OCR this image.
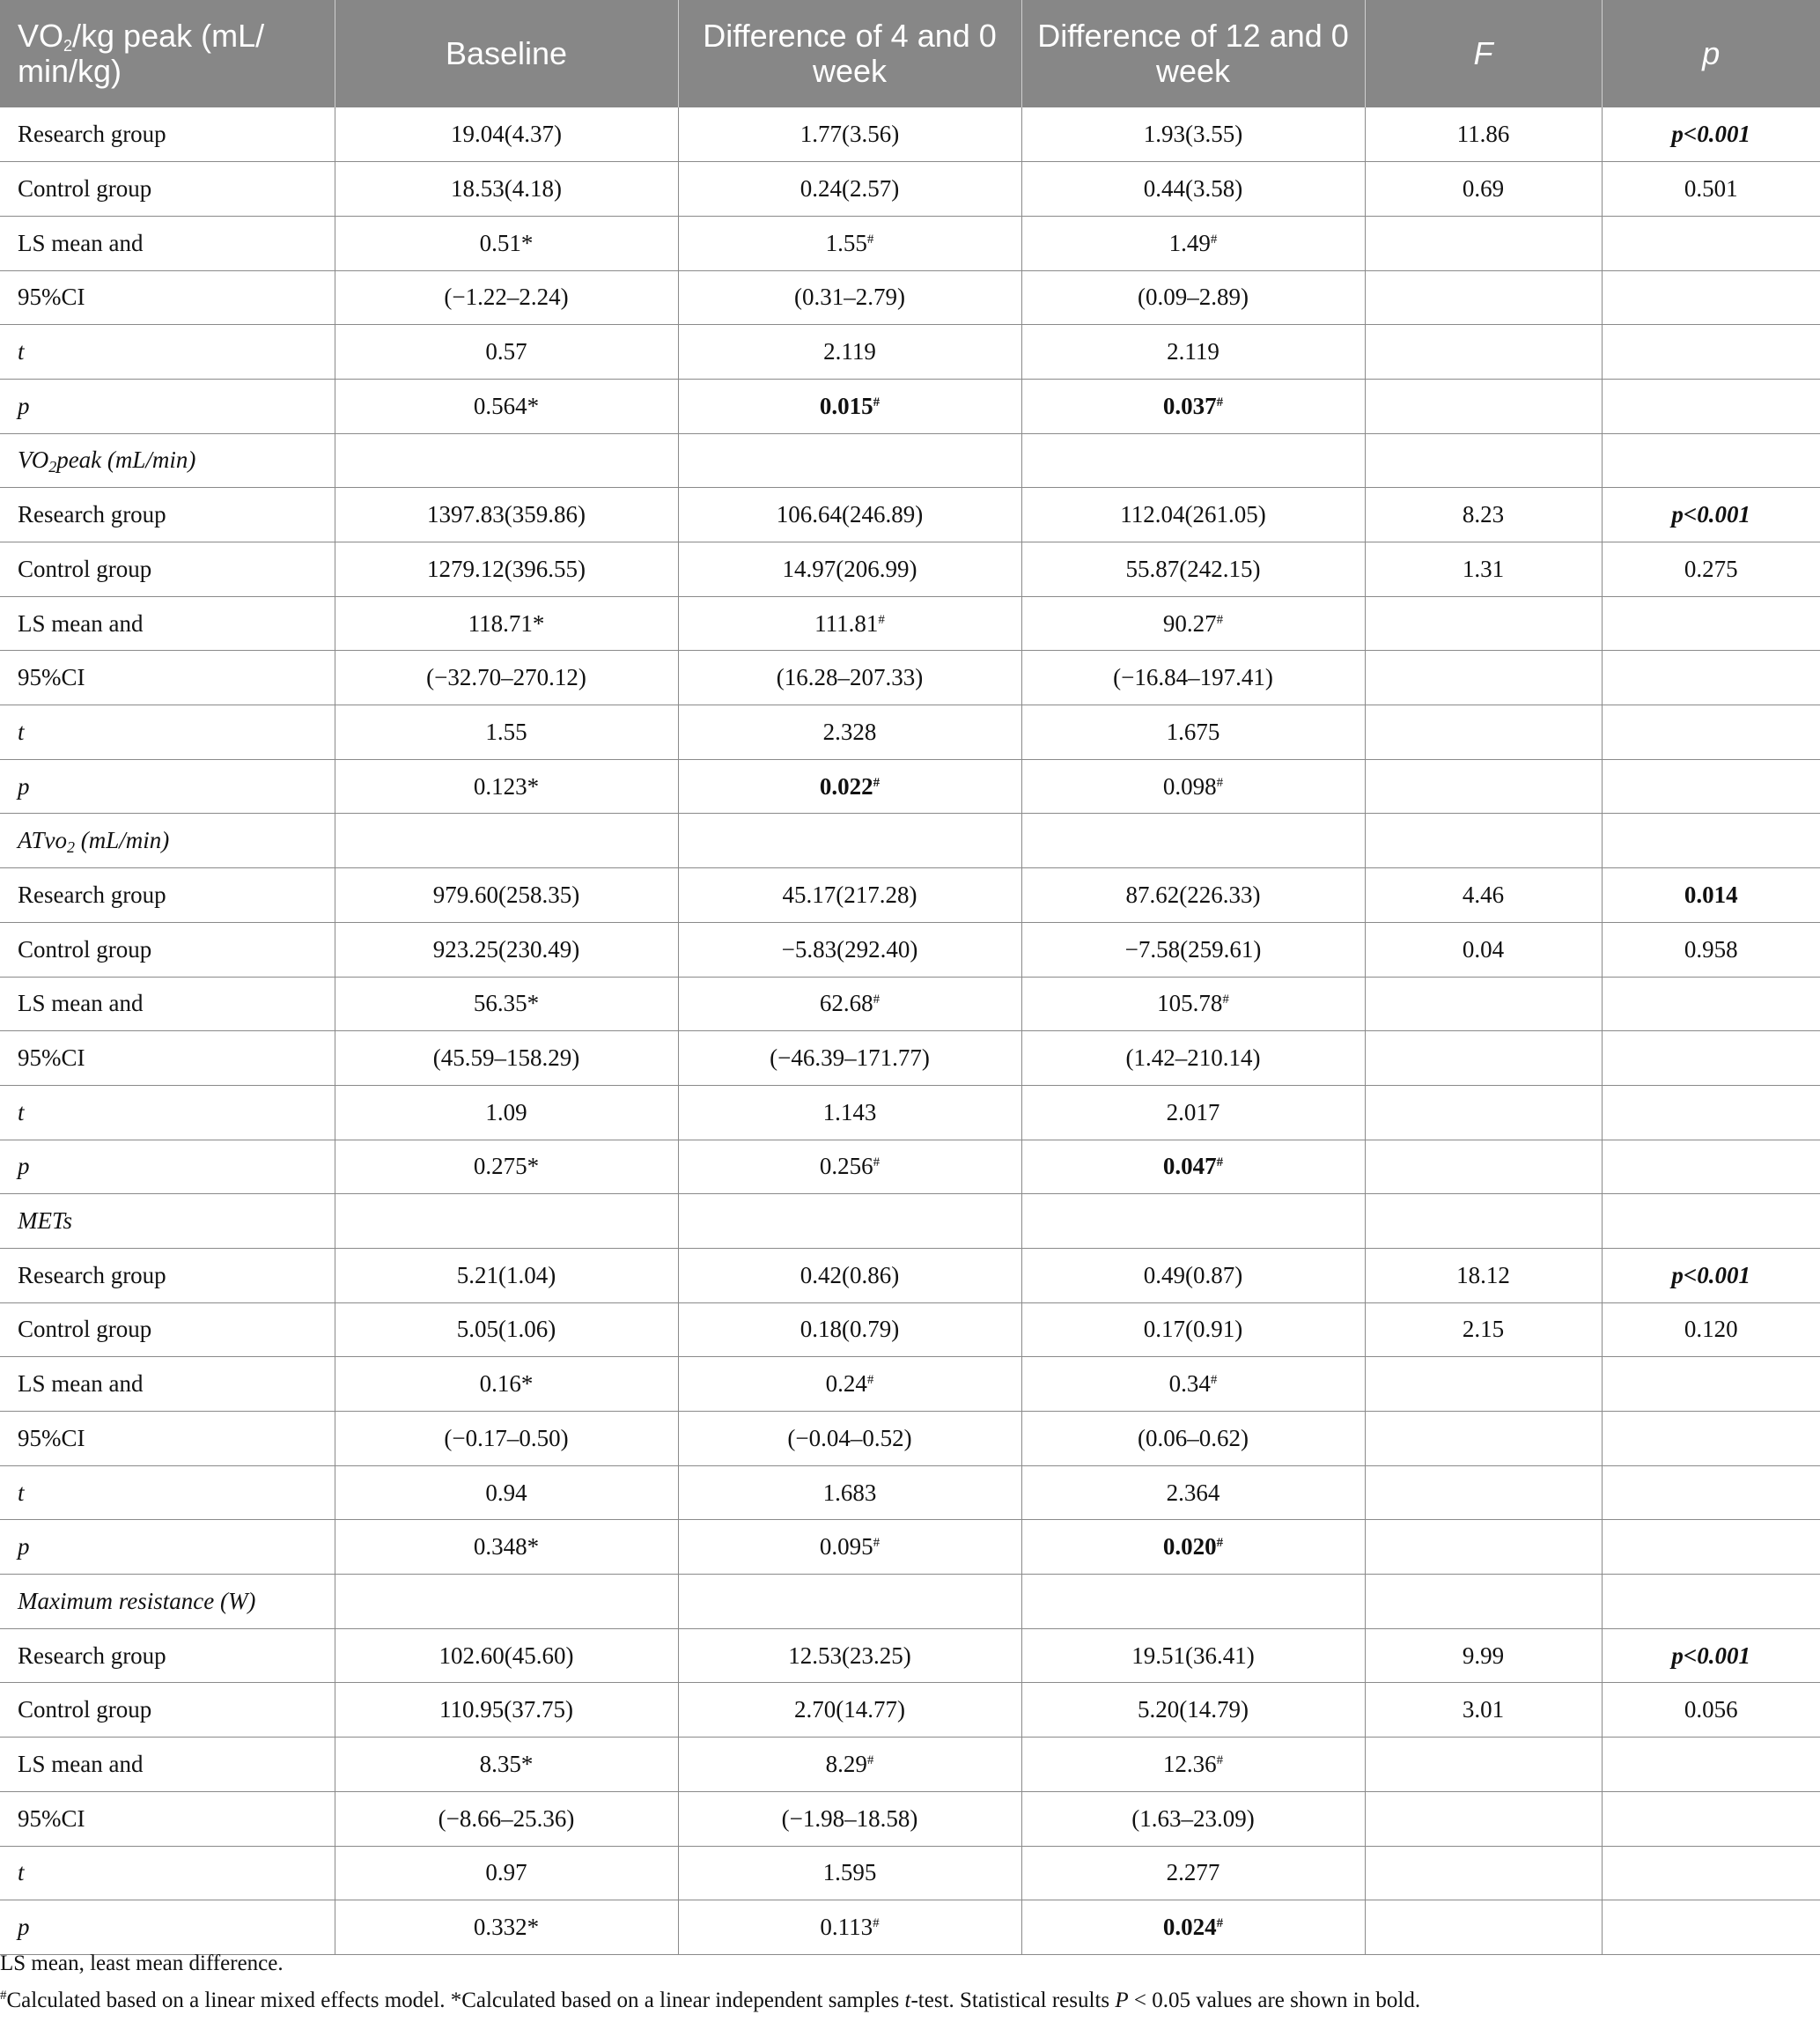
$VO_2/kg$ peak (mL/ min/kg)	Baseline	Difference of 4 and 0 week	Difference of 12 and 0 week	F	p
Research group	19.04(4.37)	1.77(3.56)	1.93(3.55)	11.86	p<0.001
Control group	18.53(4.18)	0.24(2.57)	0.44(3.58)	0.69	0.501
LS mean and	0.51*	1.55#	1.49#		
95%CI	(−1.22–2.24)	(0.31–2.79)	(0.09–2.89)		
t	0.57	2.119	2.119		
p	0.564*	0.015#	0.037#		
$VO_2peak$ (mL/min)					
Research group	1397.83(359.86)	106.64(246.89)	112.04(261.05)	8.23	p<0.001
Control group	1279.12(396.55)	14.97(206.99)	55.87(242.15)	1.31	0.275
LS mean and	118.71*	111.81#	90.27#		
95%CI	(−32.70–270.12)	(16.28–207.33)	(−16.84–197.41)		
t	1.55	2.328	1.675		
p	0.123*	0.022#	0.098#		
ATvo$_2$ (mL/min)					
Research group	979.60(258.35)	45.17(217.28)	87.62(226.33)	4.46	0.014
Control group	923.25(230.49)	−5.83(292.40)	−7.58(259.61)	0.04	0.958
LS mean and	56.35*	62.68#	105.78#		
95%CI	(45.59–158.29)	(−46.39–171.77)	(1.42–210.14)		
t	1.09	1.143	2.017		
p	0.275*	0.256#	0.047#		
METs					
Research group	5.21(1.04)	0.42(0.86)	0.49(0.87)	18.12	p<0.001
Control group	5.05(1.06)	0.18(0.79)	0.17(0.91)	2.15	0.120
LS mean and	0.16*	0.24#	0.34#		
95%CI	(−0.17–0.50)	(−0.04–0.52)	(0.06–0.62)		
t	0.94	1.683	2.364		
p	0.348*	0.095#	0.020#		
Maximum resistance (W)					
Research group	102.60(45.60)	12.53(23.25)	19.51(36.41)	9.99	p<0.001
Control group	110.95(37.75)	2.70(14.77)	5.20(14.79)	3.01	0.056
LS mean and	8.35*	8.29#	12.36#		
95%CI	(−8.66–25.36)	(−1.98–18.58)	(1.63–23.09)		
t	0.97	1.595	2.277		
p	0.332*	0.113#	0.024#		

LS mean, least mean difference.

#Calculated based on a linear mixed effects model. *Calculated based on a linear independent samples t-test. Statistical results P < 0.05 values are shown in bold.
